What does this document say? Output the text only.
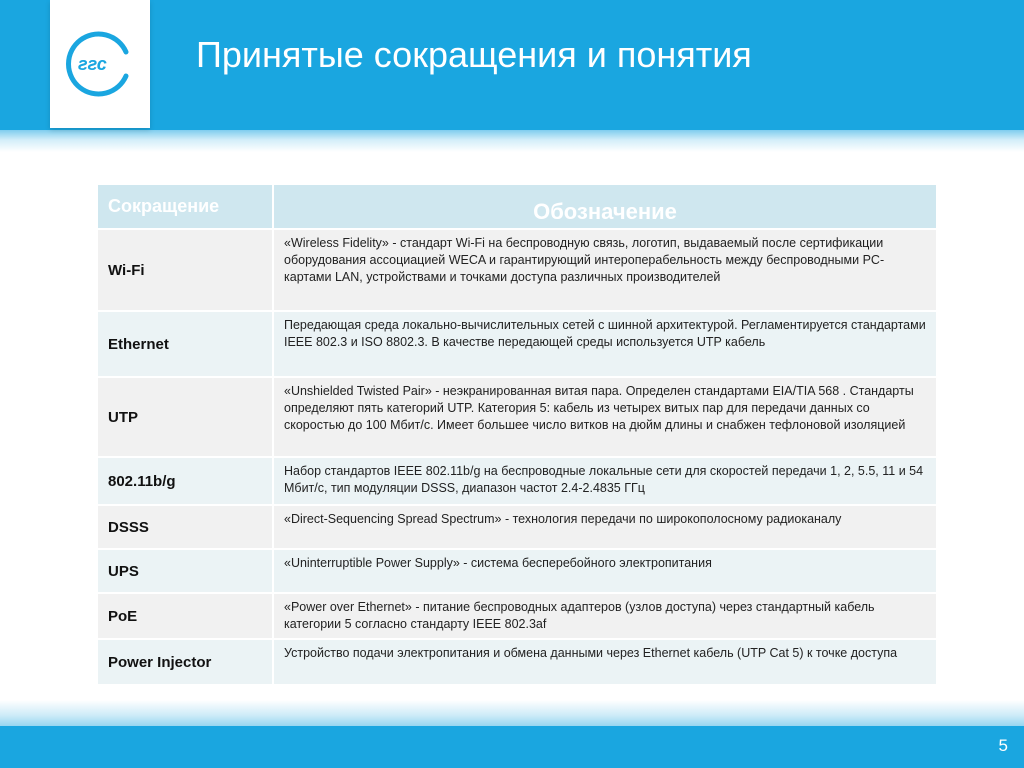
ггс Принятые сокращения и понятия
Сокращение	Обозначение
Wi-Fi	«Wireless Fidelity» - стандарт Wi-Fi на беспроводную связь, логотип, выдаваемый после сертификации оборудования ассоциацией WECA и гарантирующий интероперабельность между беспроводными PC-картами LAN, устройствами и точками доступа различных производителей
Ethernet	Передающая среда локально-вычислительных сетей с шинной архитектурой. Регламентируется стандартами IEEE 802.3 и ISO 8802.3. В качестве передающей среды используется UTP кабель
UTP	«Unshielded Twisted Pair» - неэкранированная витая пара. Определен стандартами EIA/TIA 568 . Стандарты определяют пять категорий UTP. Категория 5: кабель из четырех витых пар для передачи данных со скоростью до 100 Мбит/с. Имеет большее число витков на дюйм длины и снабжен тефлоновой изоляцией
802.11b/g	Набор стандартов IEEE 802.11b/g на беспроводные локальные сети для скоростей передачи 1, 2, 5.5, 11 и 54 Мбит/с, тип модуляции DSSS, диапазон частот 2.4-2.4835 ГГц
DSSS	«Direct-Sequencing Spread Spectrum» - технология передачи по широкополосному радиоканалу
UPS	«Uninterruptible Power Supply» - система бесперебойного электропитания
PoE	«Power over Ethernet» - питание беспроводных адаптеров (узлов доступа) через стандартный кабель категории 5 согласно стандарту IEEE 802.3af
Power Injector	Устройство подачи электропитания и обмена данными через Ethernet кабель (UTP Cat 5) к точке доступа
5
